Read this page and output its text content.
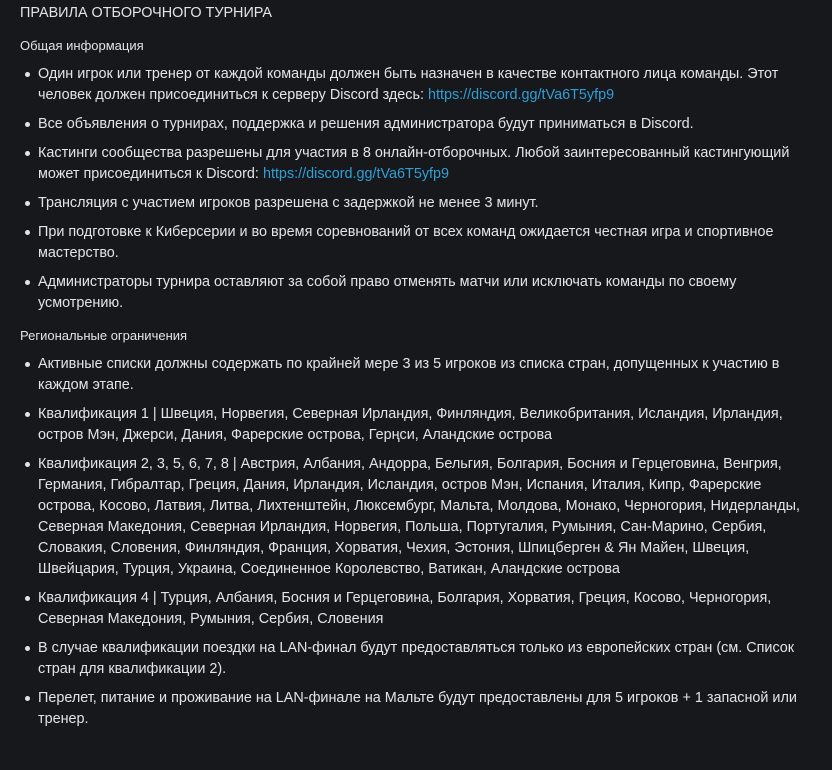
ПРАВИЛА ОТБОРОЧНОГО ТУРНИРА
Общая информация
Один игрок или тренер от каждой команды должен быть назначен в качестве контактного лица команды. Этот человек должен присоединиться к серверу Discord здесь: https://discord.gg/tVa6T5yfp9
Все объявления о турнирах, поддержка и решения администратора будут приниматься в Discord.
Кастинги сообщества разрешены для участия в 8 онлайн-отборочных. Любой заинтересованный кастингующий может присоединиться к Discord: https://discord.gg/tVa6T5yfp9
Трансляция с участием игроков разрешена с задержкой не менее 3 минут.
При подготовке к Киберсерии и во время соревнований от всех команд ожидается честная игра и спортивное мастерство.
Администраторы турнира оставляют за собой право отменять матчи или исключать команды по своему усмотрению.
Региональные ограничения
Активные списки должны содержать по крайней мере 3 из 5 игроков из списка стран, допущенных к участию в каждом этапе.
Квалификация 1 | Швеция, Норвегия, Северная Ирландия, Финляндия, Великобритания, Исландия, Ирландия, остров Мэн, Джерси, Дания, Фарерские острова, Герңси, Аландские острова
Квалификация 2, 3, 5, 6, 7, 8 | Австрия, Албания, Андорра, Бельгия, Болгария, Босния и Герцеговина, Венгрия, Германия, Гибралтар, Греция, Дания, Ирландия, Исландия, остров Мэн, Испания, Италия, Кипр, Фарерские острова, Косово, Латвия, Литва, Лихтенштейн, Люксембург, Мальта, Молдова, Монако, Черногория, Нидерланды, Северная Македония, Северная Ирландия, Норвегия, Польша, Португалия, Румыния, Сан-Марино, Сербия, Словакия, Словения, Финляндия, Франция, Хорватия, Чехия, Эстония, Шпицберген & Ян Майен, Швеция, Швейцария, Турция, Украина, Соединенное Королевство, Ватикан, Аландские острова
Квалификация 4 | Турция, Албания, Босния и Герцеговина, Болгария, Хорватия, Греция, Косово, Черногория, Северная Македония, Румыния, Сербия, Словения
В случае квалификации поездки на LAN-финал будут предоставляться только из европейских стран (см. Список стран для квалификации 2).
Перелет, питание и проживание на LAN-финале на Мальте будут предоставлены для 5 игроков + 1 запасной или тренер.
